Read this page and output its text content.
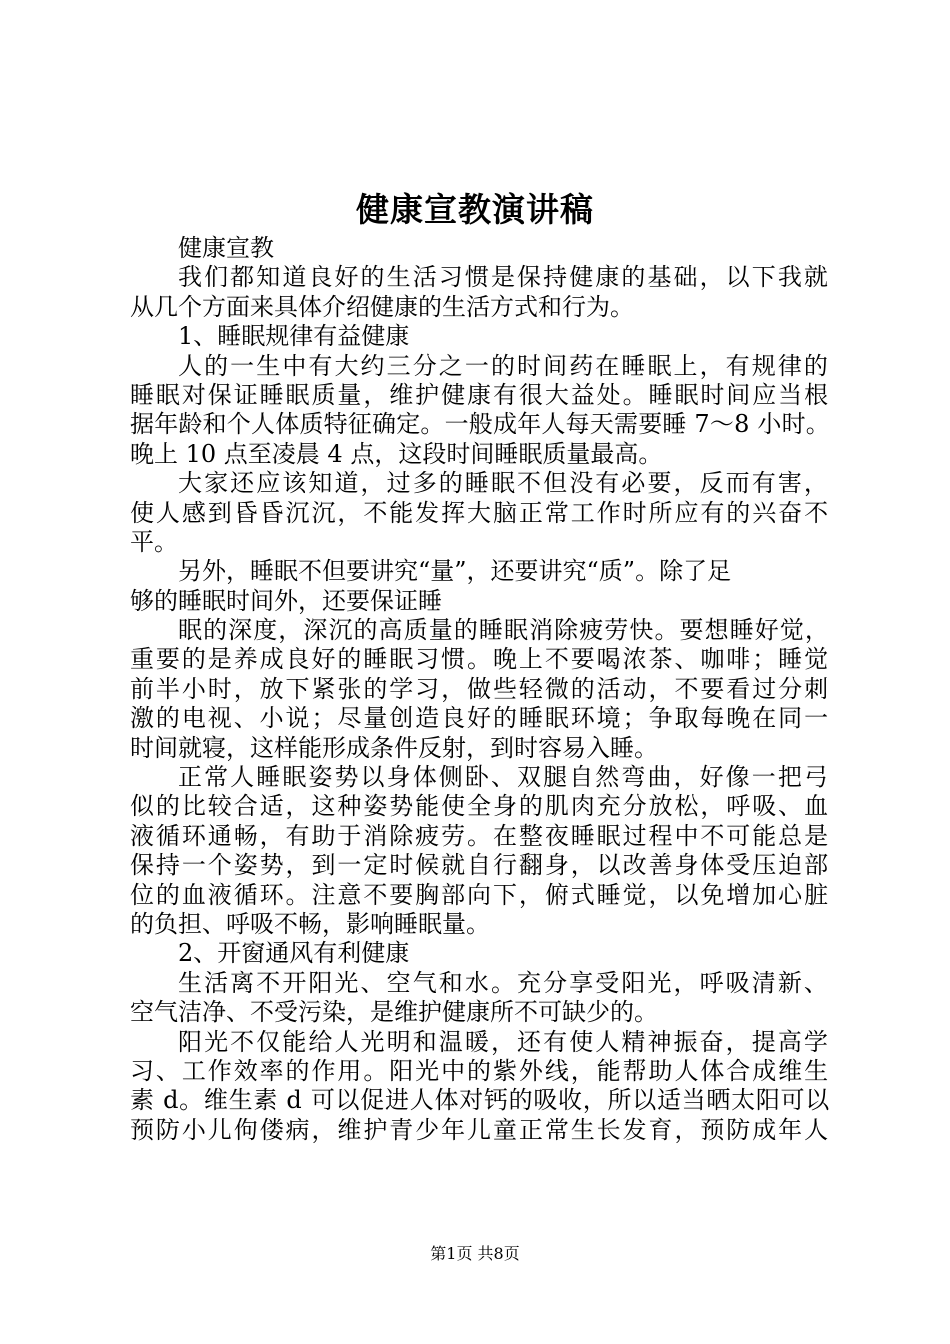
健康宣教演讲稿
健康宣教
我们都知道良好的生活习惯是保持健康的基础，以下我就
从几个方面来具体介绍健康的生活方式和行为。
1、睡眠规律有益健康
人的一生中有大约三分之一的时间药在睡眠上，有规律的
睡眠对保证睡眠质量，维护健康有很大益处。睡眠时间应当根
据年龄和个人体质特征确定。一般成年人每天需要睡 7～8 小时。
晚上 10 点至凌晨 4 点，这段时间睡眠质量最高。
大家还应该知道，过多的睡眠不但没有必要，反而有害，
使人感到昏昏沉沉，不能发挥大脑正常工作时所应有的兴奋不
平。
另外，睡眠不但要讲究“量”，还要讲究“质”。除了足
够的睡眠时间外，还要保证睡
眠的深度，深沉的高质量的睡眠消除疲劳快。要想睡好觉，
重要的是养成良好的睡眠习惯。晚上不要喝浓茶、咖啡；睡觉
前半小时，放下紧张的学习，做些轻微的活动，不要看过分刺
激的电视、小说；尽量创造良好的睡眠环境；争取每晚在同一
时间就寝，这样能形成条件反射，到时容易入睡。
正常人睡眠姿势以身体侧卧、双腿自然弯曲，好像一把弓
似的比较合适，这种姿势能使全身的肌肉充分放松，呼吸、血
液循环通畅，有助于消除疲劳。在整夜睡眠过程中不可能总是
保持一个姿势，到一定时候就自行翻身，以改善身体受压迫部
位的血液循环。注意不要胸部向下，俯式睡觉，以免增加心脏
的负担、呼吸不畅，影响睡眠量。
2、开窗通风有利健康
生活离不开阳光、空气和水。充分享受阳光，呼吸清新、
空气洁净、不受污染，是维护健康所不可缺少的。
阳光不仅能给人光明和温暖，还有使人精神振奋，提高学
习、工作效率的作用。阳光中的紫外线，能帮助人体合成维生
素 d。维生素 d 可以促进人体对钙的吸收，所以适当晒太阳可以
预防小儿佝偻病，维护青少年儿童正常生长发育，预防成年人
第1页 共8页
